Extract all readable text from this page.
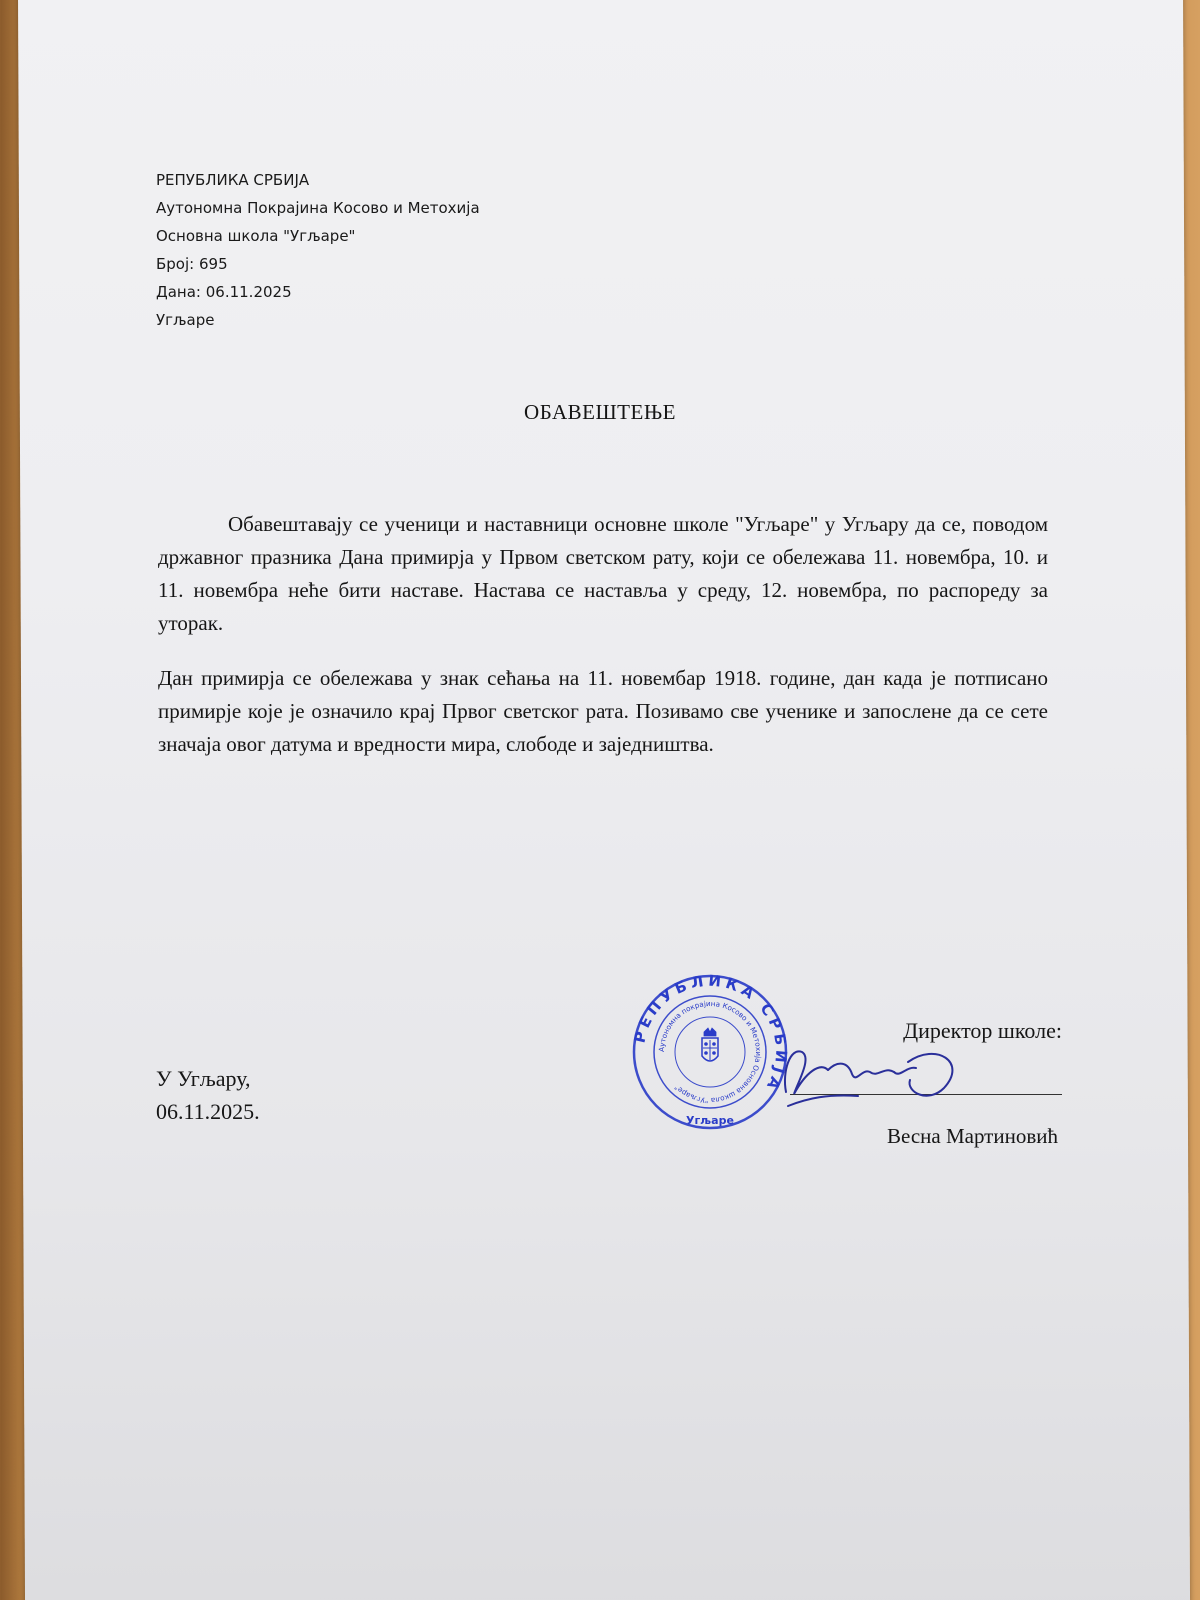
РЕПУБЛИКА СРБИЈА
Аутономна Покрајина Косово и Метохија
Основна школа "Угљаре"
Број: 695
Дана: 06.11.2025
Угљаре
ОБАВЕШТЕЊЕ
Обавештавају се ученици и наставници основне школе "Угљаре" у Угљару да се, поводом државног празника Дана примирја у Првом светском рату, који се обележава 11. новембра, 10. и 11. новембра неће бити наставе. Настава се наставља у среду, 12. новембра, по распореду за уторак.
Дан примирја се обележава у знак сећања на 11. новембар 1918. године, дан када је потписано примирје које је означило крај Првог светског рата. Позивамо све ученике и запослене да се сете значаја овог датума и вредности мира, слободе и заједништва.
У Угљару,
06.11.2025.
Директор школе:
Весна Мартиновић
РЕПУБЛИКА СРБИЈА
Аутономна покрајина Косово и Метохија Основна школа "Угљаре"
Угљаре
